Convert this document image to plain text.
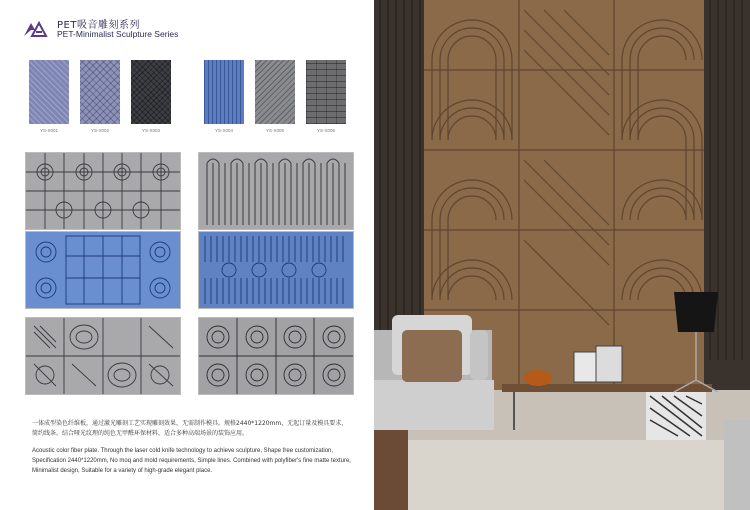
PET吸音雕刻系列
PET-Minimalist Sculpture Series
YS-X001	YS-X002	YS-X003	YS-X004	YS-X005	YS-X006
一体成型染色纤维板，通过激光雕刻工艺实现雕刻效果，无需制作模具。规格2440*1220mm，无起订量及模具要求，简约线条。结合哑光纹理的纯色无甲醛环保材料，适合多种高端场景的装饰应用。
Acoustic color fiber plate. Through the laser cold knife technology to achieve sculpture, Shape free customization, Specification 2440*1220mm, No moq and mold requirements, Simple lines. Combined with polyfiber's fine matte texture, Minimalist design, Suitable for a variety of high-grade elegant place.
